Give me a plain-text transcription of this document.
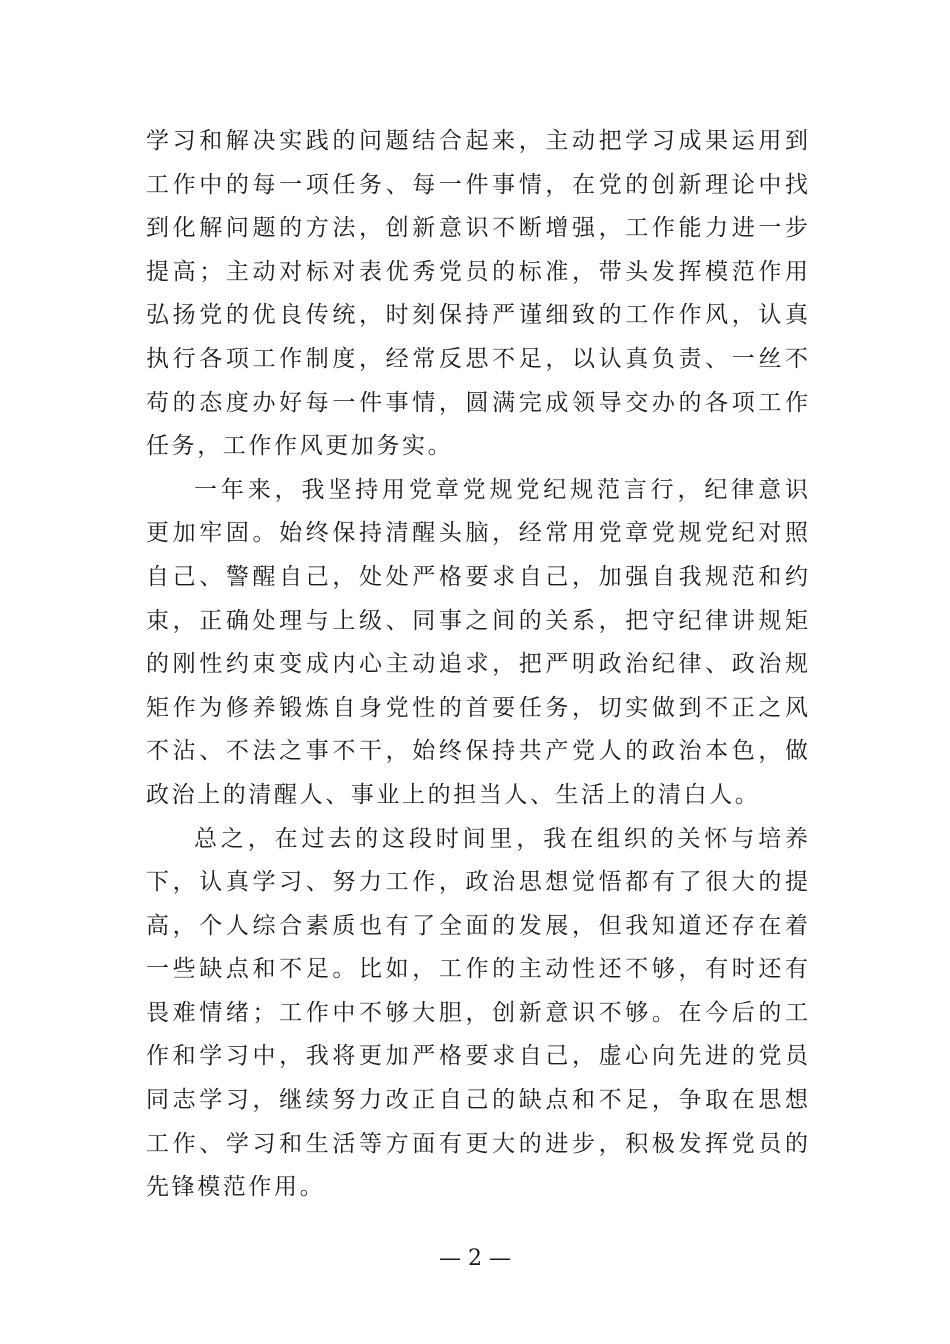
学习和解决实践的问题结合起来，主动把学习成果运用到
工作中的每一项任务、每一件事情，在党的创新理论中找
到化解问题的方法，创新意识不断增强，工作能力进一步
提高；主动对标对表优秀党员的标准，带头发挥模范作用
弘扬党的优良传统，时刻保持严谨细致的工作作风，认真
执行各项工作制度，经常反思不足，以认真负责、一丝不
苟的态度办好每一件事情，圆满完成领导交办的各项工作
任务，工作作风更加务实。
一年来，我坚持用党章党规党纪规范言行，纪律意识
更加牢固。始终保持清醒头脑，经常用党章党规党纪对照
自己、警醒自己，处处严格要求自己，加强自我规范和约
束，正确处理与上级、同事之间的关系，把守纪律讲规矩
的刚性约束变成内心主动追求，把严明政治纪律、政治规
矩作为修养锻炼自身党性的首要任务，切实做到不正之风
不沾、不法之事不干，始终保持共产党人的政治本色，做
政治上的清醒人、事业上的担当人、生活上的清白人。
总之，在过去的这段时间里，我在组织的关怀与培养
下，认真学习、努力工作，政治思想觉悟都有了很大的提
高，个人综合素质也有了全面的发展，但我知道还存在着
一些缺点和不足。比如，工作的主动性还不够，有时还有
畏难情绪；工作中不够大胆，创新意识不够。在今后的工
作和学习中，我将更加严格要求自己，虚心向先进的党员
同志学习，继续努力改正自己的缺点和不足，争取在思想
工作、学习和生活等方面有更大的进步，积极发挥党员的
先锋模范作用。
— 2 —
